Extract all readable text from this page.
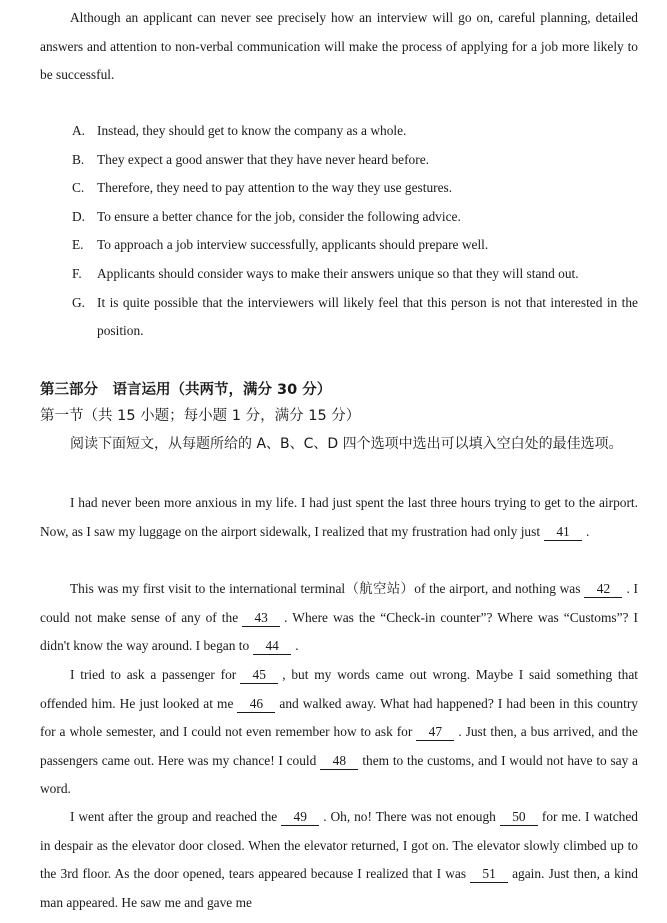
Although an applicant can never see precisely how an interview will go on, careful planning, detailed answers and attention to non-verbal communication will make the process of applying for a job more likely to be successful.

A. Instead, they should get to know the company as a whole.
B. They expect a good answer that they have never heard before.
C. Therefore, they need to pay attention to the way they use gestures.
D. To ensure a better chance for the job, consider the following advice.
E. To approach a job interview successfully, applicants should prepare well.
F. Applicants should consider ways to make their answers unique so that they will stand out.
G. It is quite possible that the interviewers will likely feel that this person is not that interested in the position.

第三部分　语言运用（共两节，满分 30 分）

第一节（共 15 小题；每小题 1 分，满分 15 分）

阅读下面短文，从每题所给的 A、B、C、D 四个选项中选出可以填入空白处的最佳选项。

I had never been more anxious in my life. I had just spent the last three hours trying to get to the airport. Now, as I saw my luggage on the airport sidewalk, I realized that my frustration had only just 41 .

This was my first visit to the international terminal（航空站）of the airport, and nothing was 42 . I could not make sense of any of the 43 . Where was the “Check-in counter”? Where was “Customs”? I didn't know the way around. I began to 44 .

I tried to ask a passenger for 45 , but my words came out wrong. Maybe I said something that offended him. He just looked at me 46 and walked away. What had happened? I had been in this country for a whole semester, and I could not even remember how to ask for 47 . Just then, a bus arrived, and the passengers came out. Here was my chance! I could 48 them to the customs, and I would not have to say a word.

I went after the group and reached the 49 . Oh, no! There was not enough 50 for me. I watched in despair as the elevator door closed. When the elevator returned, I got on. The elevator slowly climbed up to the 3rd floor. As the door opened, tears appeared because I realized that I was 51 again. Just then, a kind man appeared. He saw me and gave me
